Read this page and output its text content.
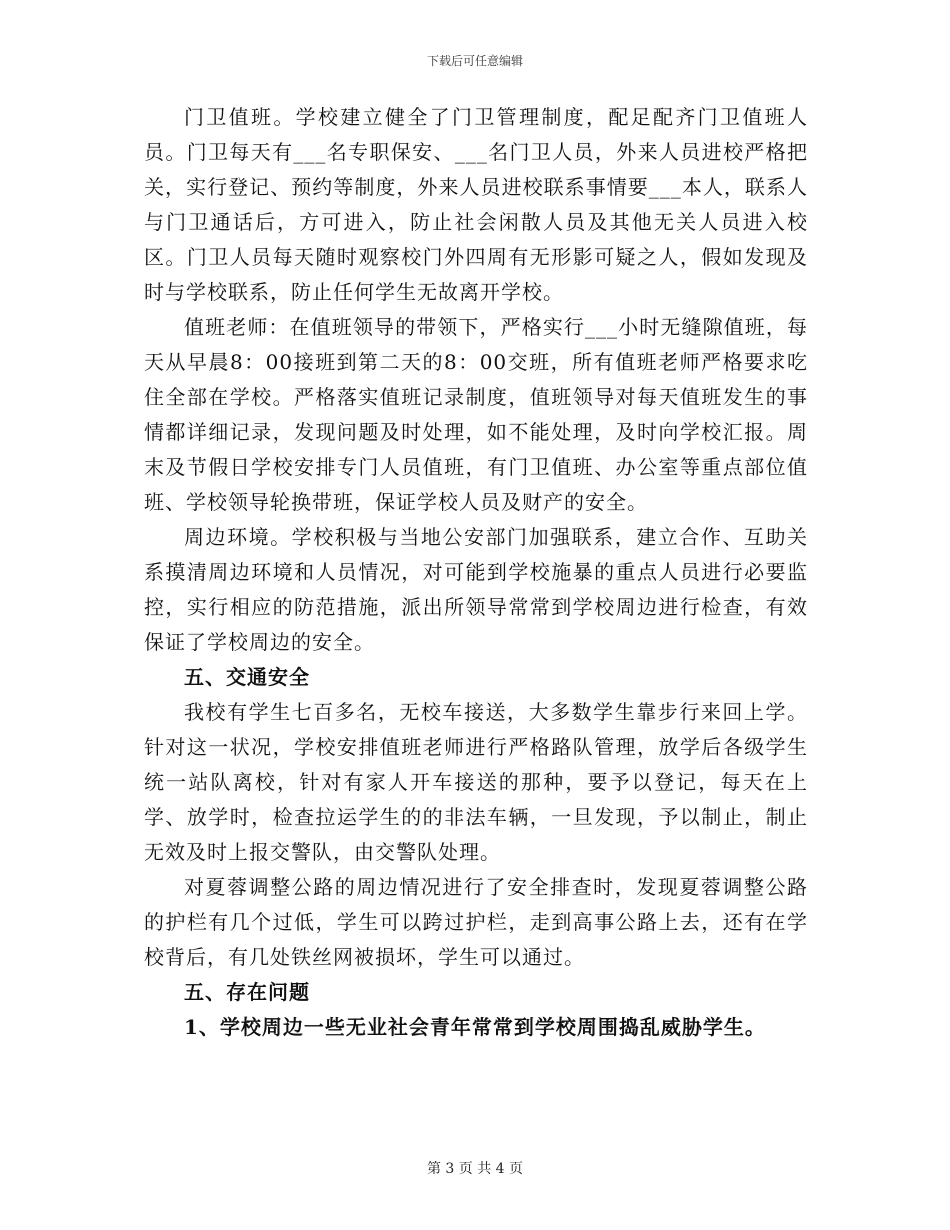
下载后可任意编辑

门卫值班。学校建立健全了门卫管理制度，配足配齐门卫值班人员。门卫每天有___名专职保安、___名门卫人员，外来人员进校严格把关，实行登记、预约等制度，外来人员进校联系事情要___本人，联系人与门卫通话后，方可进入，防止社会闲散人员及其他无关人员进入校区。门卫人员每天随时观察校门外四周有无形影可疑之人，假如发现及时与学校联系，防止任何学生无故离开学校。

值班老师：在值班领导的带领下，严格实行___小时无缝隙值班，每天从早晨8：00接班到第二天的8：00交班，所有值班老师严格要求吃住全部在学校。严格落实值班记录制度，值班领导对每天值班发生的事情都详细记录，发现问题及时处理，如不能处理，及时向学校汇报。周末及节假日学校安排专门人员值班，有门卫值班、办公室等重点部位值班、学校领导轮换带班，保证学校人员及财产的安全。

周边环境。学校积极与当地公安部门加强联系，建立合作、互助关系摸清周边环境和人员情况，对可能到学校施暴的重点人员进行必要监控，实行相应的防范措施，派出所领导常常到学校周边进行检查，有效保证了学校周边的安全。

五、交通安全

我校有学生七百多名，无校车接送，大多数学生靠步行来回上学。针对这一状况，学校安排值班老师进行严格路队管理，放学后各级学生统一站队离校，针对有家人开车接送的那种，要予以登记，每天在上学、放学时，检查拉运学生的的非法车辆，一旦发现，予以制止，制止无效及时上报交警队，由交警队处理。

对夏蓉调整公路的周边情况进行了安全排查时，发现夏蓉调整公路的护栏有几个过低，学生可以跨过护栏，走到高事公路上去，还有在学校背后，有几处铁丝网被损坏，学生可以通过。

五、存在问题

1、学校周边一些无业社会青年常常到学校周围捣乱威胁学生。

第 3 页 共 4 页
